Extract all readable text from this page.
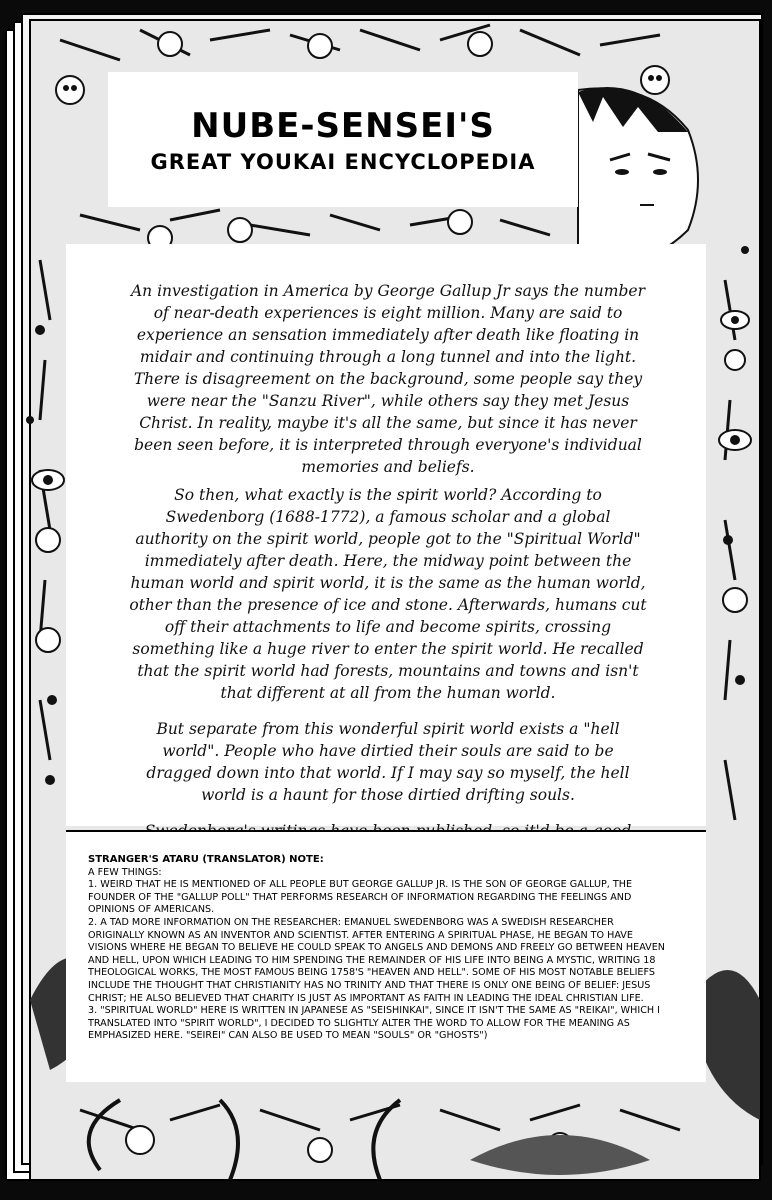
NUBE-SENSEI'S
GREAT YOUKAI ENCYCLOPEDIA

An investigation in America by George Gallup Jr says the number of near-death experiences is eight million. Many are said to experience an sensation immediately after death like floating in midair and continuing through a long tunnel and into the light. There is disagreement on the background, some people say they were near the "Sanzu River", while others say they met Jesus Christ. In reality, maybe it's all the same, but since it has never been seen before, it is interpreted through everyone's individual memories and beliefs.

So then, what exactly is the spirit world? According to Swedenborg (1688-1772), a famous scholar and a global authority on the spirit world, people got to the "Spiritual World" immediately after death. Here, the midway point between the human world and spirit world, it is the same as the human world, other than the presence of ice and stone. Afterwards, humans cut off their attachments to life and become spirits, crossing something like a huge river to enter the spirit world. He recalled that the spirit world had forests, mountains and towns and isn't that different at all from the human world.

But separate from this wonderful spirit world exists a "hell world". People who have dirtied their souls are said to be dragged down into that world. If I may say so myself, the hell world is a haunt for those dirtied drifting souls.

STRANGER'S ATARU (TRANSLATOR) NOTE:
A FEW THINGS:
1. WEIRD THAT HE IS MENTIONED OF ALL PEOPLE BUT GEORGE GALLUP JR. IS THE SON OF GEORGE GALLUP, THE FOUNDER OF THE "GALLUP POLL" THAT PERFORMS RESEARCH OF INFORMATION REGARDING THE FEELINGS AND OPINIONS OF AMERICANS.
2. A TAD MORE INFORMATION ON THE RESEARCHER: EMANUEL SWEDENBORG WAS A SWEDISH RESEARCHER ORIGINALLY KNOWN AS AN INVENTOR AND SCIENTIST. AFTER ENTERING A SPIRITUAL PHASE, HE BEGAN TO HAVE VISIONS WHERE HE BEGAN TO BELIEVE HE COULD SPEAK TO ANGELS AND DEMONS AND FREELY GO BETWEEN HEAVEN AND HELL, UPON WHICH LEADING TO HIM SPENDING THE REMAINDER OF HIS LIFE INTO BEING A MYSTIC, WRITING 18 THEOLOGICAL WORKS, THE MOST FAMOUS BEING 1758'S "HEAVEN AND HELL". SOME OF HIS MOST NOTABLE BELIEFS INCLUDE THE THOUGHT THAT CHRISTIANITY HAS NO TRINITY AND THAT THERE IS ONLY ONE BEING OF BELIEF: JESUS CHRIST; HE ALSO BELIEVED THAT CHARITY IS JUST AS IMPORTANT AS FAITH IN LEADING THE IDEAL CHRISTIAN LIFE.
3. "SPIRITUAL WORLD" HERE IS WRITTEN IN JAPANESE AS "SEISHINKAI", SINCE IT ISN'T THE SAME AS "REIKAI", WHICH I TRANSLATED INTO "SPIRIT WORLD", I DECIDED TO SLIGHTLY ALTER THE WORD TO ALLOW FOR THE MEANING AS EMPHASIZED HERE. "SEIREI" CAN ALSO BE USED TO MEAN "SOULS" OR "GHOSTS")
